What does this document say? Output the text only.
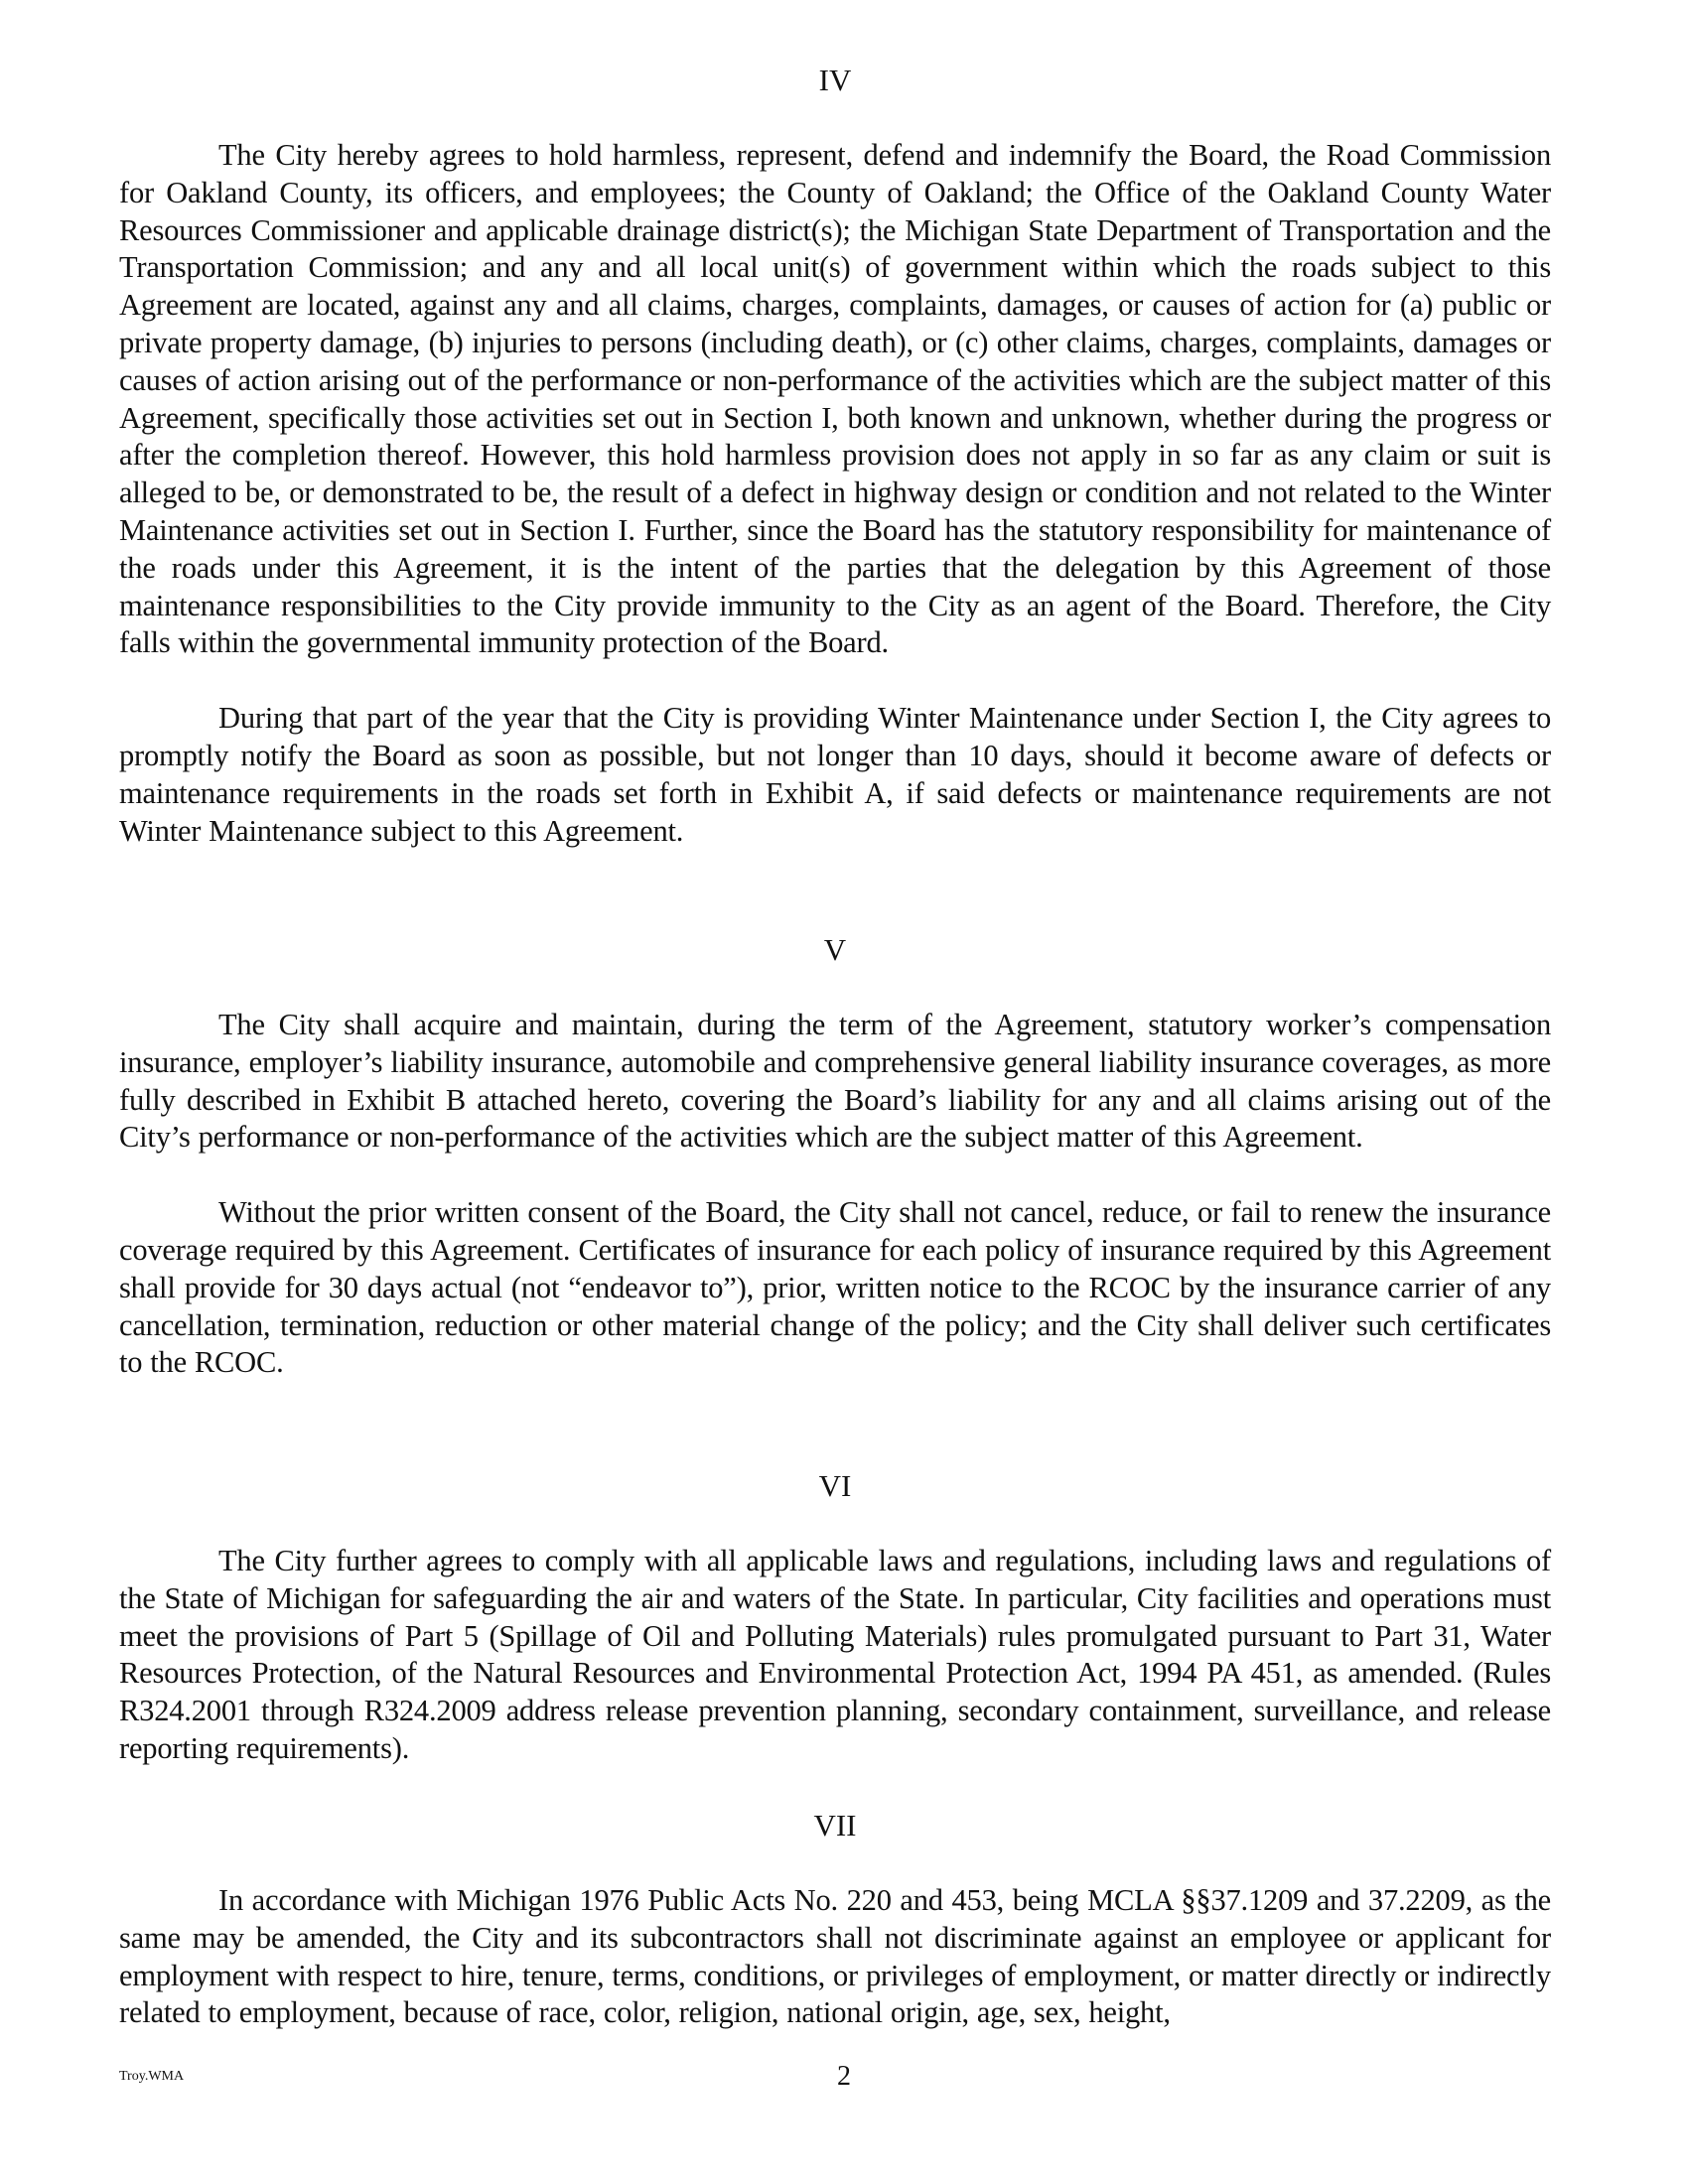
IV

The City hereby agrees to hold harmless, represent, defend and indemnify the Board, the Road Commission for Oakland County, its officers, and employees; the County of Oakland; the Office of the Oakland County Water Resources Commissioner and applicable drainage district(s); the Michigan State Department of Transportation and the Transportation Commission; and any and all local unit(s) of government within which the roads subject to this Agreement are located, against any and all claims, charges, complaints, damages, or causes of action for (a) public or private property damage, (b) injuries to persons (including death), or (c) other claims, charges, complaints, damages or causes of action arising out of the performance or non-performance of the activities which are the subject matter of this Agreement, specifically those activities set out in Section I, both known and unknown, whether during the progress or after the completion thereof. However, this hold harmless provision does not apply in so far as any claim or suit is alleged to be, or demonstrated to be, the result of a defect in highway design or condition and not related to the Winter Maintenance activities set out in Section I. Further, since the Board has the statutory responsibility for maintenance of the roads under this Agreement, it is the intent of the parties that the delegation by this Agreement of those maintenance responsibilities to the City provide immunity to the City as an agent of the Board. Therefore, the City falls within the governmental immunity protection of the Board.

During that part of the year that the City is providing Winter Maintenance under Section I, the City agrees to promptly notify the Board as soon as possible, but not longer than 10 days, should it become aware of defects or maintenance requirements in the roads set forth in Exhibit A, if said defects or maintenance requirements are not Winter Maintenance subject to this Agreement.

V

The City shall acquire and maintain, during the term of the Agreement, statutory worker’s compensation insurance, employer’s liability insurance, automobile and comprehensive general liability insurance coverages, as more fully described in Exhibit B attached hereto, covering the Board’s liability for any and all claims arising out of the City’s performance or non-performance of the activities which are the subject matter of this Agreement.

Without the prior written consent of the Board, the City shall not cancel, reduce, or fail to renew the insurance coverage required by this Agreement. Certificates of insurance for each policy of insurance required by this Agreement shall provide for 30 days actual (not “endeavor to”), prior, written notice to the RCOC by the insurance carrier of any cancellation, termination, reduction or other material change of the policy; and the City shall deliver such certificates to the RCOC.

VI

The City further agrees to comply with all applicable laws and regulations, including laws and regulations of the State of Michigan for safeguarding the air and waters of the State. In particular, City facilities and operations must meet the provisions of Part 5 (Spillage of Oil and Polluting Materials) rules promulgated pursuant to Part 31, Water Resources Protection, of the Natural Resources and Environmental Protection Act, 1994 PA 451, as amended. (Rules R324.2001 through R324.2009 address release prevention planning, secondary containment, surveillance, and release reporting requirements).

VII

In accordance with Michigan 1976 Public Acts No. 220 and 453, being MCLA §§37.1209 and 37.2209, as the same may be amended, the City and its subcontractors shall not discriminate against an employee or applicant for employment with respect to hire, tenure, terms, conditions, or privileges of employment, or matter directly or indirectly related to employment, because of race, color, religion, national origin, age, sex, height,

Troy.WMA	2
